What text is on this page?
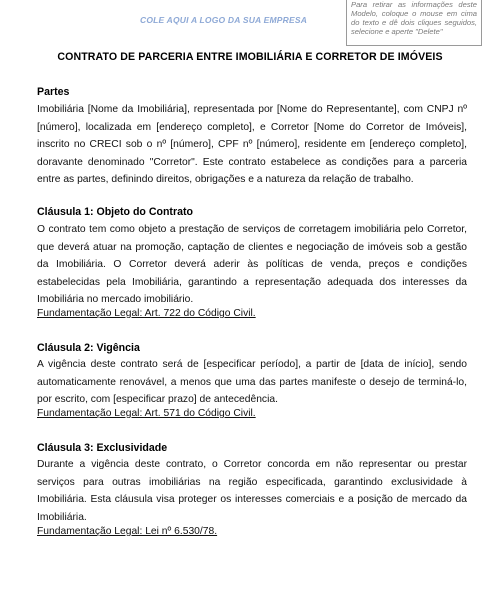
COLE AQUI A LOGO DA SUA EMPRESA
Para retirar as informações deste Modelo, coloque o mouse em cima do texto e dê dois cliques seguidos, selecione e aperte "Delete"
CONTRATO DE PARCERIA ENTRE IMOBILIÁRIA E CORRETOR DE IMÓVEIS
Partes
Imobiliária [Nome da Imobiliária], representada por [Nome do Representante], com CNPJ nº [número], localizada em [endereço completo], e Corretor [Nome do Corretor de Imóveis], inscrito no CRECI sob o nº [número], CPF nº [número], residente em [endereço completo], doravante denominado "Corretor". Este contrato estabelece as condições para a parceria entre as partes, definindo direitos, obrigações e a natureza da relação de trabalho.
Cláusula 1: Objeto do Contrato
O contrato tem como objeto a prestação de serviços de corretagem imobiliária pelo Corretor, que deverá atuar na promoção, captação de clientes e negociação de imóveis sob a gestão da Imobiliária. O Corretor deverá aderir às políticas de venda, preços e condições estabelecidas pela Imobiliária, garantindo a representação adequada dos interesses da Imobiliária no mercado imobiliário.
Fundamentação Legal: Art. 722 do Código Civil.
Cláusula 2: Vigência
A vigência deste contrato será de [especificar período], a partir de [data de início], sendo automaticamente renovável, a menos que uma das partes manifeste o desejo de terminá-lo, por escrito, com [especificar prazo] de antecedência.
Fundamentação Legal: Art. 571 do Código Civil.
Cláusula 3: Exclusividade
Durante a vigência deste contrato, o Corretor concorda em não representar ou prestar serviços para outras imobiliárias na região especificada, garantindo exclusividade à Imobiliária. Esta cláusula visa proteger os interesses comerciais e a posição de mercado da Imobiliária.
Fundamentação Legal: Lei nº 6.530/78.
